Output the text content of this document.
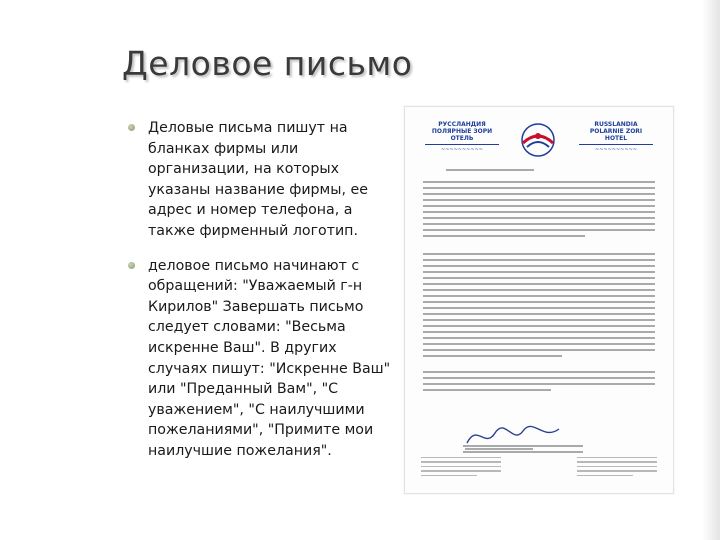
Деловое письмо
Деловые письма пишут на бланках фирмы или организации, на которых указаны название фирмы, ее адрес и номер телефона, а также фирменный логотип.
деловое письмо начинают с обращений: "Уважаемый г-н Кирилов" Завершать письмо следует словами: "Весьма искренне Ваш". В других случаях пишут: "Искренне Ваш" или "Преданный Вам", "С уважением", "С наилучшими пожеланиями", "Примите мои наилучшие пожелания".
РУССЛАНДИЯ
ПОЛЯРНЫЕ ЗОРИ
ОТЕЛЬ
~~~~~~~~~~
RUSSLANDIA
POLARNIE ZORI
HOTEL
~~~~~~~~~~
